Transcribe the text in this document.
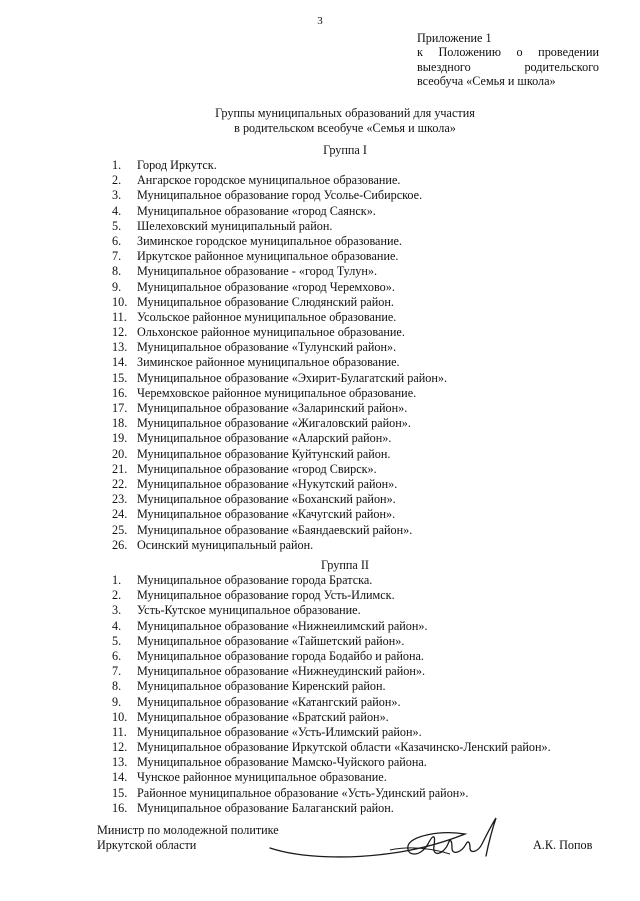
3
Приложение 1
к Положению о проведении
выездного родительского
всеобуча «Семья и школа»
Группы муниципальных образований для участия
в родительском всеобуче «Семья и школа»
Группа I
1.	Город Иркутск.
2.	Ангарское городское муниципальное образование.
3.	Муниципальное образование город Усолье-Сибирское.
4.	Муниципальное образование «город Саянск».
5.	Шелеховский муниципальный район.
6.	Зиминское городское муниципальное образование.
7.	Иркутское районное муниципальное образование.
8.	Муниципальное образование - «город Тулун».
9.	Муниципальное образование «город Черемхово».
10. Муниципальное образование Слюдянский район.
11. Усольское районное муниципальное образование.
12. Ольхонское районное муниципальное образование.
13. Муниципальное образование «Тулунский район».
14. Зиминское районное муниципальное образование.
15. Муниципальное образование «Эхирит-Булагатский район».
16. Черемховское районное муниципальное образование.
17. Муниципальное образование «Заларинский район».
18. Муниципальное образование «Жигаловский район».
19. Муниципальное образование «Аларский район».
20. Муниципальное образование Куйтунский район.
21. Муниципальное образование «город Свирск».
22. Муниципальное образование «Нукутский район».
23. Муниципальное образование «Боханский район».
24. Муниципальное образование «Качугский район».
25. Муниципальное образование «Баяндаевский район».
26. Осинский муниципальный район.
Группа II
1.	Муниципальное образование города Братска.
2.	Муниципальное образование город Усть-Илимск.
3.	Усть-Кутское муниципальное образование.
4.	Муниципальное образование «Нижнеилимский район».
5.	Муниципальное образование «Тайшетский район».
6.	Муниципальное образование города Бодайбо и района.
7.	Муниципальное образование «Нижнеудинский район».
8.	Муниципальное образование Киренский район.
9.	Муниципальное образование «Катангский район».
10. Муниципальное образование «Братский район».
11. Муниципальное образование «Усть-Илимский район».
12. Муниципальное образование Иркутской области «Казачинско-Ленский район».
13. Муниципальное образование Мамско-Чуйского района.
14. Чунское районное муниципальное образование.
15. Районное муниципальное образование «Усть-Удинский район».
16. Муниципальное образование Балаганский район.
Министр по молодежной политике
Иркутской области	А.К. Попов
